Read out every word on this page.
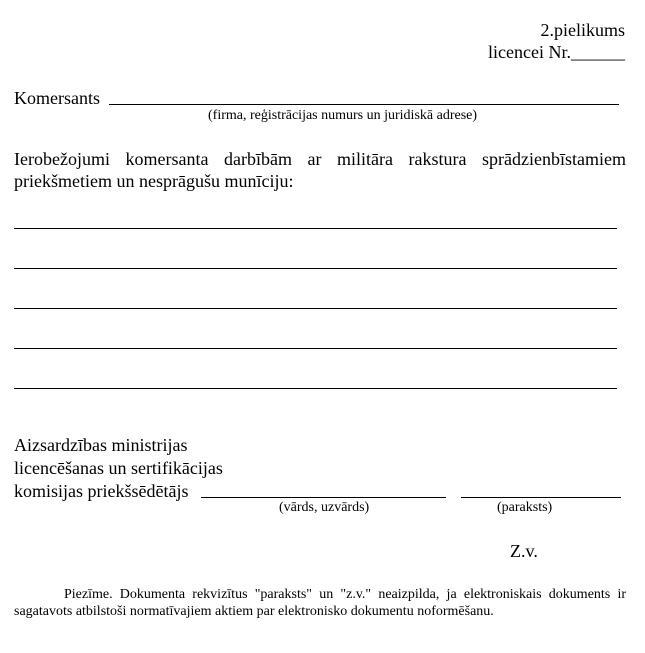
2.pielikums
licencei Nr.______
Komersants
(firma, reģistrācijas numurs un juridiskā adrese)
Ierobežojumi komersanta darbībām ar militāra rakstura sprādzienbīstamiem priekšmetiem un nesprāgušu munīciju:
Aizsardzības ministrijas
licencēšanas un sertifikācijas
komisijas priekšsēdētājs
(vārds, uzvārds)	(paraksts)
Z.v.
Piezīme. Dokumenta rekvizītus "paraksts" un "z.v." neaizpilda, ja elektroniskais dokuments ir sagatavots atbilstoši normatīvajiem aktiem par elektronisko dokumentu noformēšanu.
